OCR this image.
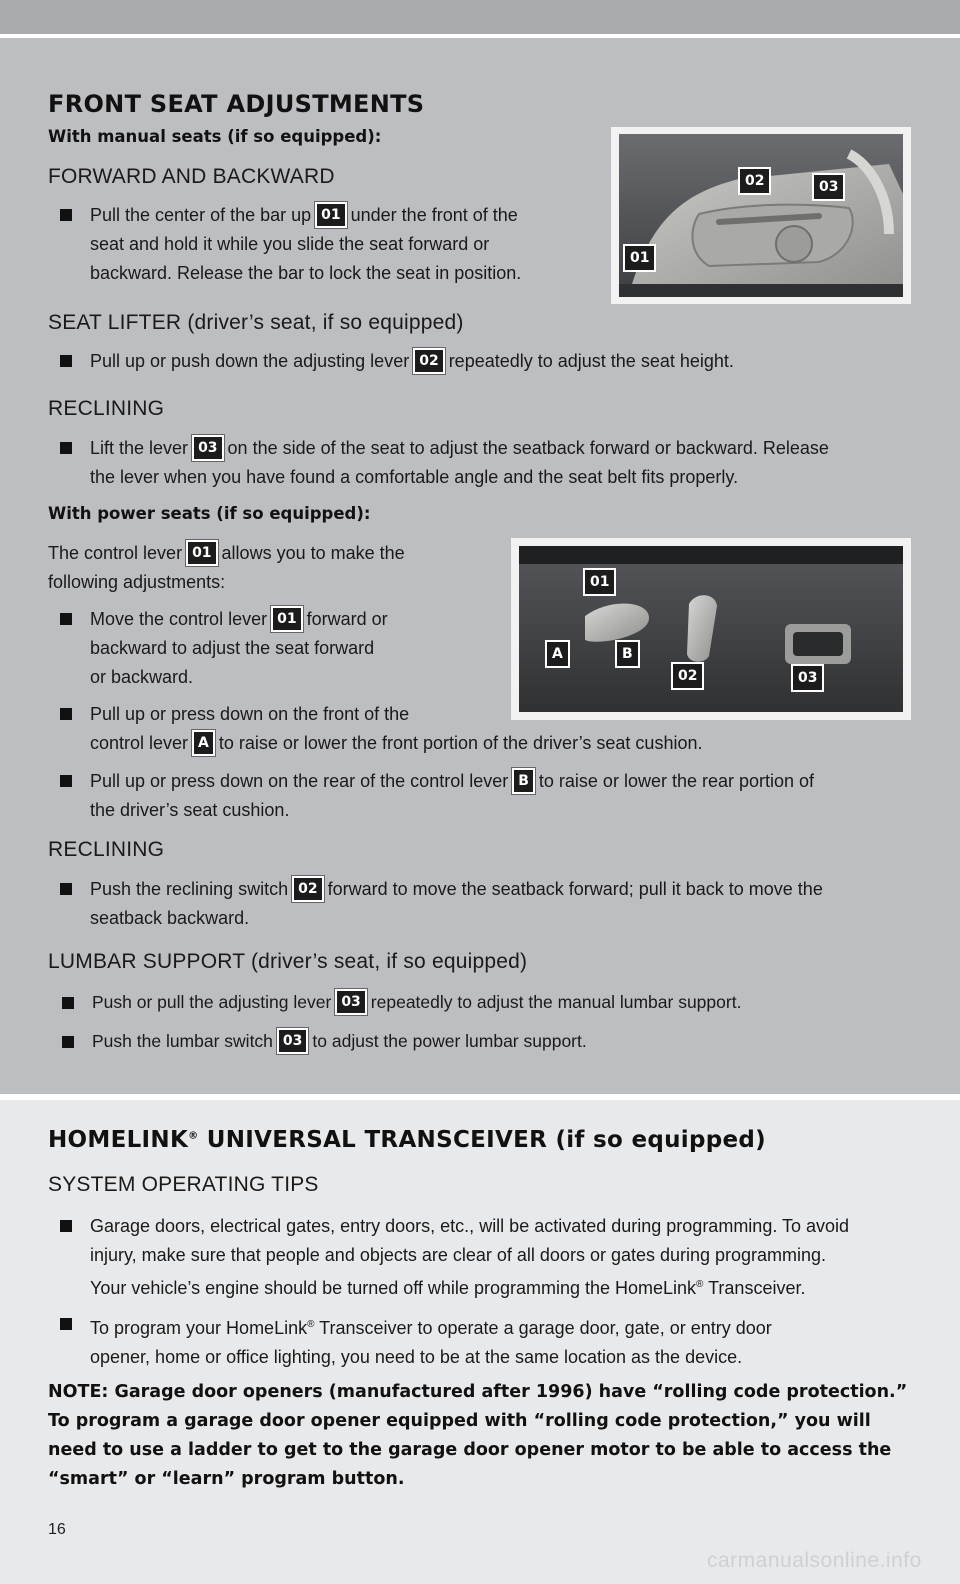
FRONT SEAT ADJUSTMENTS
With manual seats (if so equipped):
FORWARD AND BACKWARD
Pull the center of the bar up 01 under the front of the
seat and hold it while you slide the seat forward or
backward. Release the bar to lock the seat in position.
02	03
01
SEAT LIFTER (driver’s seat, if so equipped)
Pull up or push down the adjusting lever 02 repeatedly to adjust the seat height.
RECLINING
Lift the lever 03 on the side of the seat to adjust the seatback forward or backward. Release
the lever when you have found a comfortable angle and the seat belt fits properly.
With power seats (if so equipped):
The control lever 01 allows you to make the
following adjustments:
Move the control lever 01 forward or
backward to adjust the seat forward
or backward.
01
A	B
02	03
Pull up or press down on the front of the
control lever A to raise or lower the front portion of the driver’s seat cushion.
Pull up or press down on the rear of the control lever B to raise or lower the rear portion of
the driver’s seat cushion.
RECLINING
Push the reclining switch 02 forward to move the seatback forward; pull it back to move the
seatback backward.
LUMBAR SUPPORT (driver’s seat, if so equipped)
Push or pull the adjusting lever 03 repeatedly to adjust the manual lumbar support.
Push the lumbar switch 03 to adjust the power lumbar support.
HOMELINK® UNIVERSAL TRANSCEIVER (if so equipped)
SYSTEM OPERATING TIPS
Garage doors, electrical gates, entry doors, etc., will be activated during programming. To avoid
injury, make sure that people and objects are clear of all doors or gates during programming.
Your vehicle’s engine should be turned off while programming the HomeLink® Transceiver.
To program your HomeLink® Transceiver to operate a garage door, gate, or entry door
opener, home or office lighting, you need to be at the same location as the device.
NOTE: Garage door openers (manufactured after 1996) have “rolling code protection.”
To program a garage door opener equipped with “rolling code protection,” you will
need to use a ladder to get to the garage door opener motor to be able to access the
“smart” or “learn” program button.
16
carmanualsonline.info
